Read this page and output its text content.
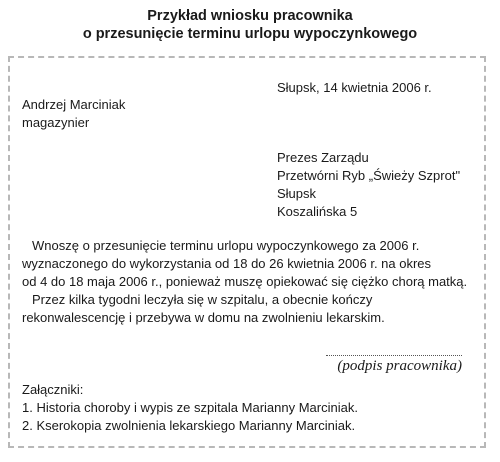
Przykład wniosku pracownika
o przesunięcie terminu urlopu wypoczynkowego
Słupsk, 14 kwietnia 2006 r.
Andrzej Marciniak
magazynier
Prezes Zarządu
Przetwórni Ryb „Świeży Szprot"
Słupsk
Koszalińska 5
Wnoszę o przesunięcie terminu urlopu wypoczynkowego za 2006 r.
wyznaczonego do wykorzystania od 18 do 26 kwietnia 2006 r. na okres
od 4 do 18 maja 2006 r., ponieważ muszę opiekować się ciężko chorą matką.
Przez kilka tygodni leczyła się w szpitalu, a obecnie kończy
rekonwalescencję i przebywa w domu na zwolnieniu lekarskim.
(podpis pracownika)
Załączniki:
1. Historia choroby i wypis ze szpitala Marianny Marciniak.
2. Kserokopia zwolnienia lekarskiego Marianny Marciniak.
